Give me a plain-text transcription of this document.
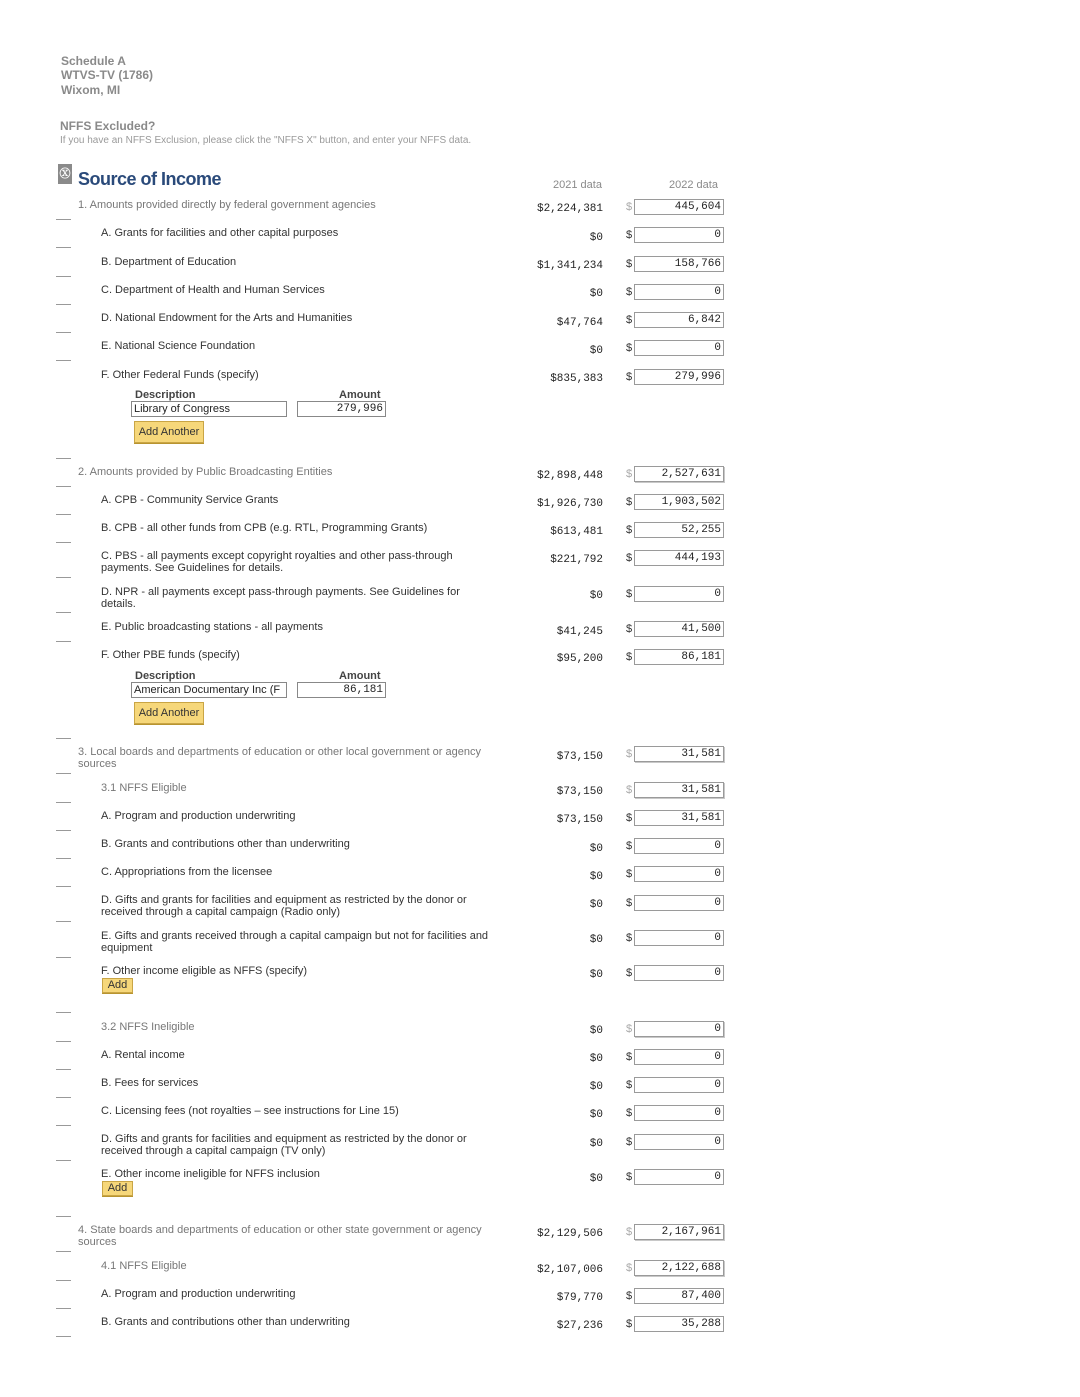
Schedule A
WTVS-TV (1786)
Wixom, MI
NFFS Excluded?
If you have an NFFS Exclusion, please click the "NFFS X" button, and enter your NFFS data.
Ⓧ Source of Income	2021 data	2022 data
1. Amounts provided directly by federal government agencies	$2,224,381 $	445,604
A. Grants for facilities and other capital purposes	$0 $	0
B. Department of Education	$1,341,234 $	158,766
C. Department of Health and Human Services	$0 $	0
D. National Endowment for the Arts and Humanities	$47,764 $	6,842
E. National Science Foundation	$0 $	0
F. Other Federal Funds (specify)	$835,383 $	279,996
Description	Amount
Library of Congress	279,996
Add Another
2. Amounts provided by Public Broadcasting Entities	$2,898,448 $	2,527,631
A. CPB - Community Service Grants	$1,926,730 $	1,903,502
B. CPB - all other funds from CPB (e.g. RTL, Programming Grants)	$613,481 $	52,255
C. PBS - all payments except copyright royalties and other pass-through payments. See Guidelines for details.
$221,792 $	444,193
D. NPR - all payments except pass-through payments. See Guidelines for details.
$0 $	0
E. Public broadcasting stations - all payments	$41,245 $	41,500
F. Other PBE funds (specify)	$95,200 $	86,181
Description	Amount
American Documentary Inc (F	86,181
Add Another
3. Local boards and departments of education or other local government or agency sources
$73,150 $	31,581
3.1 NFFS Eligible	$73,150 $	31,581
A. Program and production underwriting	$73,150 $	31,581
B. Grants and contributions other than underwriting	$0 $	0
C. Appropriations from the licensee	$0 $	0
D. Gifts and grants for facilities and equipment as restricted by the donor or received through a capital campaign (Radio only)
$0 $	0
E. Gifts and grants received through a capital campaign but not for facilities and equipment
$0 $	0
F. Other income eligible as NFFS (specify)	$0 $	0
Add
3.2 NFFS Ineligible	$0 $	0
A. Rental income	$0 $	0
B. Fees for services	$0 $	0
C. Licensing fees (not royalties – see instructions for Line 15)	$0 $	0
D. Gifts and grants for facilities and equipment as restricted by the donor or received through a capital campaign (TV only)
$0 $	0
E. Other income ineligible for NFFS inclusion	$0 $	0
Add
4. State boards and departments of education or other state government or agency sources
$2,129,506 $	2,167,961
4.1 NFFS Eligible	$2,107,006 $	2,122,688
A. Program and production underwriting	$79,770 $	87,400
B. Grants and contributions other than underwriting	$27,236 $	35,288
